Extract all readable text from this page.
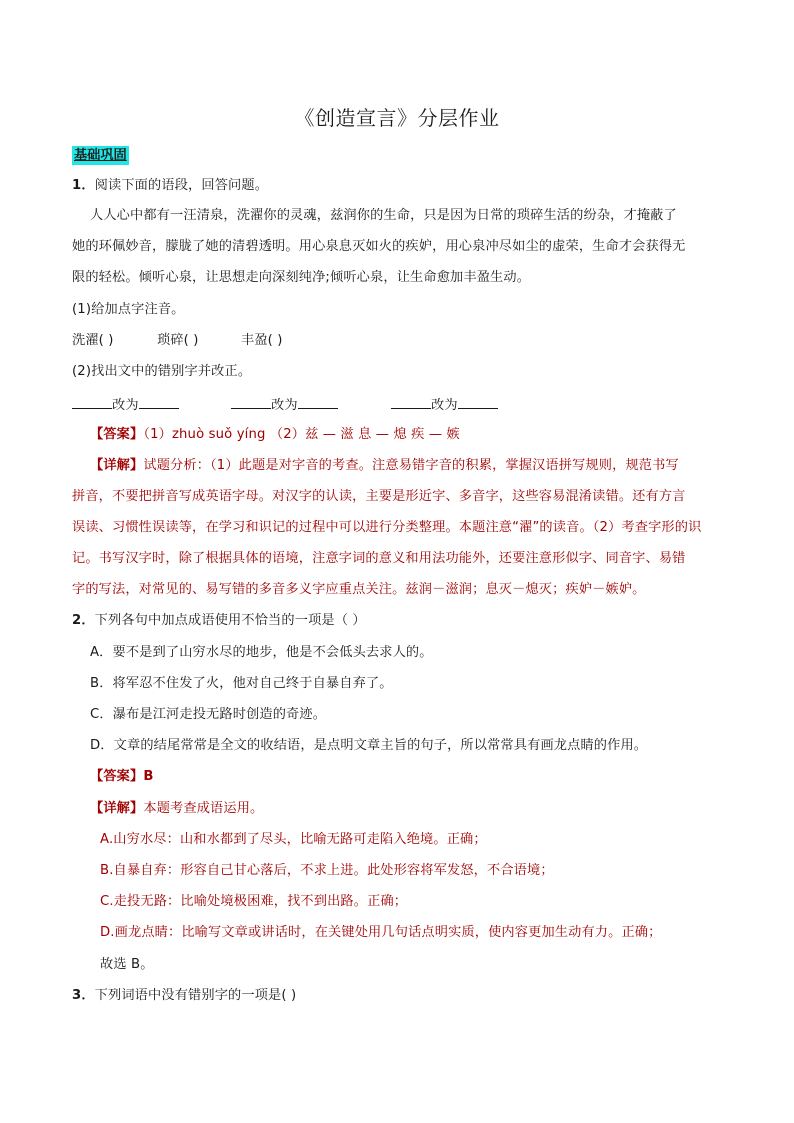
《创造宣言》分层作业
基础巩固
1．阅读下面的语段，回答问题。
人人心中都有一汪清泉，洗濯你的灵魂，兹润你的生命，只是因为日常的琐碎生活的纷杂，才掩蔽了
她的环佩妙音，朦胧了她的清碧透明。用心泉息灭如火的疾妒，用心泉冲尽如尘的虚荣，生命才会获得无
限的轻松。倾听心泉，让思想走向深刻纯净;倾听心泉，让生命愈加丰盈生动。
(1)给加点字注音。
洗濯( )	琐碎( )	丰盈( )
(2)找出文中的错别字并改正。
改为	改为	改为
【答案】（1）zhuò suǒ yíng （2）兹 — 滋 息 — 熄 疾 — 嫉
【详解】试题分析：（1）此题是对字音的考查。注意易错字音的积累，掌握汉语拼写规则，规范书写
拼音，不要把拼音写成英语字母。对汉字的认读，主要是形近字、多音字，这些容易混淆读错。还有方言
误读、习惯性误读等，在学习和识记的过程中可以进行分类整理。本题注意“濯”的读音。（2）考查字形的识
记。书写汉字时，除了根据具体的语境，注意字词的意义和用法功能外，还要注意形似字、同音字、易错
字的写法，对常见的、易写错的多音多义字应重点关注。兹润－滋润；息灭－熄灭；疾妒－嫉妒。
2．下列各句中加点成语使用不恰当的一项是（ ）
A．要不是到了山穷水尽的地步，他是不会低头去求人的。
B．将军忍不住发了火，他对自己终于自暴自弃了。
C．瀑布是江河走投无路时创造的奇迹。
D．文章的结尾常常是全文的收结语，是点明文章主旨的句子，所以常常具有画龙点睛的作用。
【答案】B
【详解】本题考查成语运用。
A.山穷水尽：山和水都到了尽头，比喻无路可走陷入绝境。正确；
B.自暴自弃：形容自己甘心落后，不求上进。此处形容将军发怒，不合语境；
C.走投无路：比喻处境极困难，找不到出路。正确；
D.画龙点睛：比喻写文章或讲话时，在关键处用几句话点明实质，使内容更加生动有力。正确；
故选 B。
3．下列词语中没有错别字的一项是( )
